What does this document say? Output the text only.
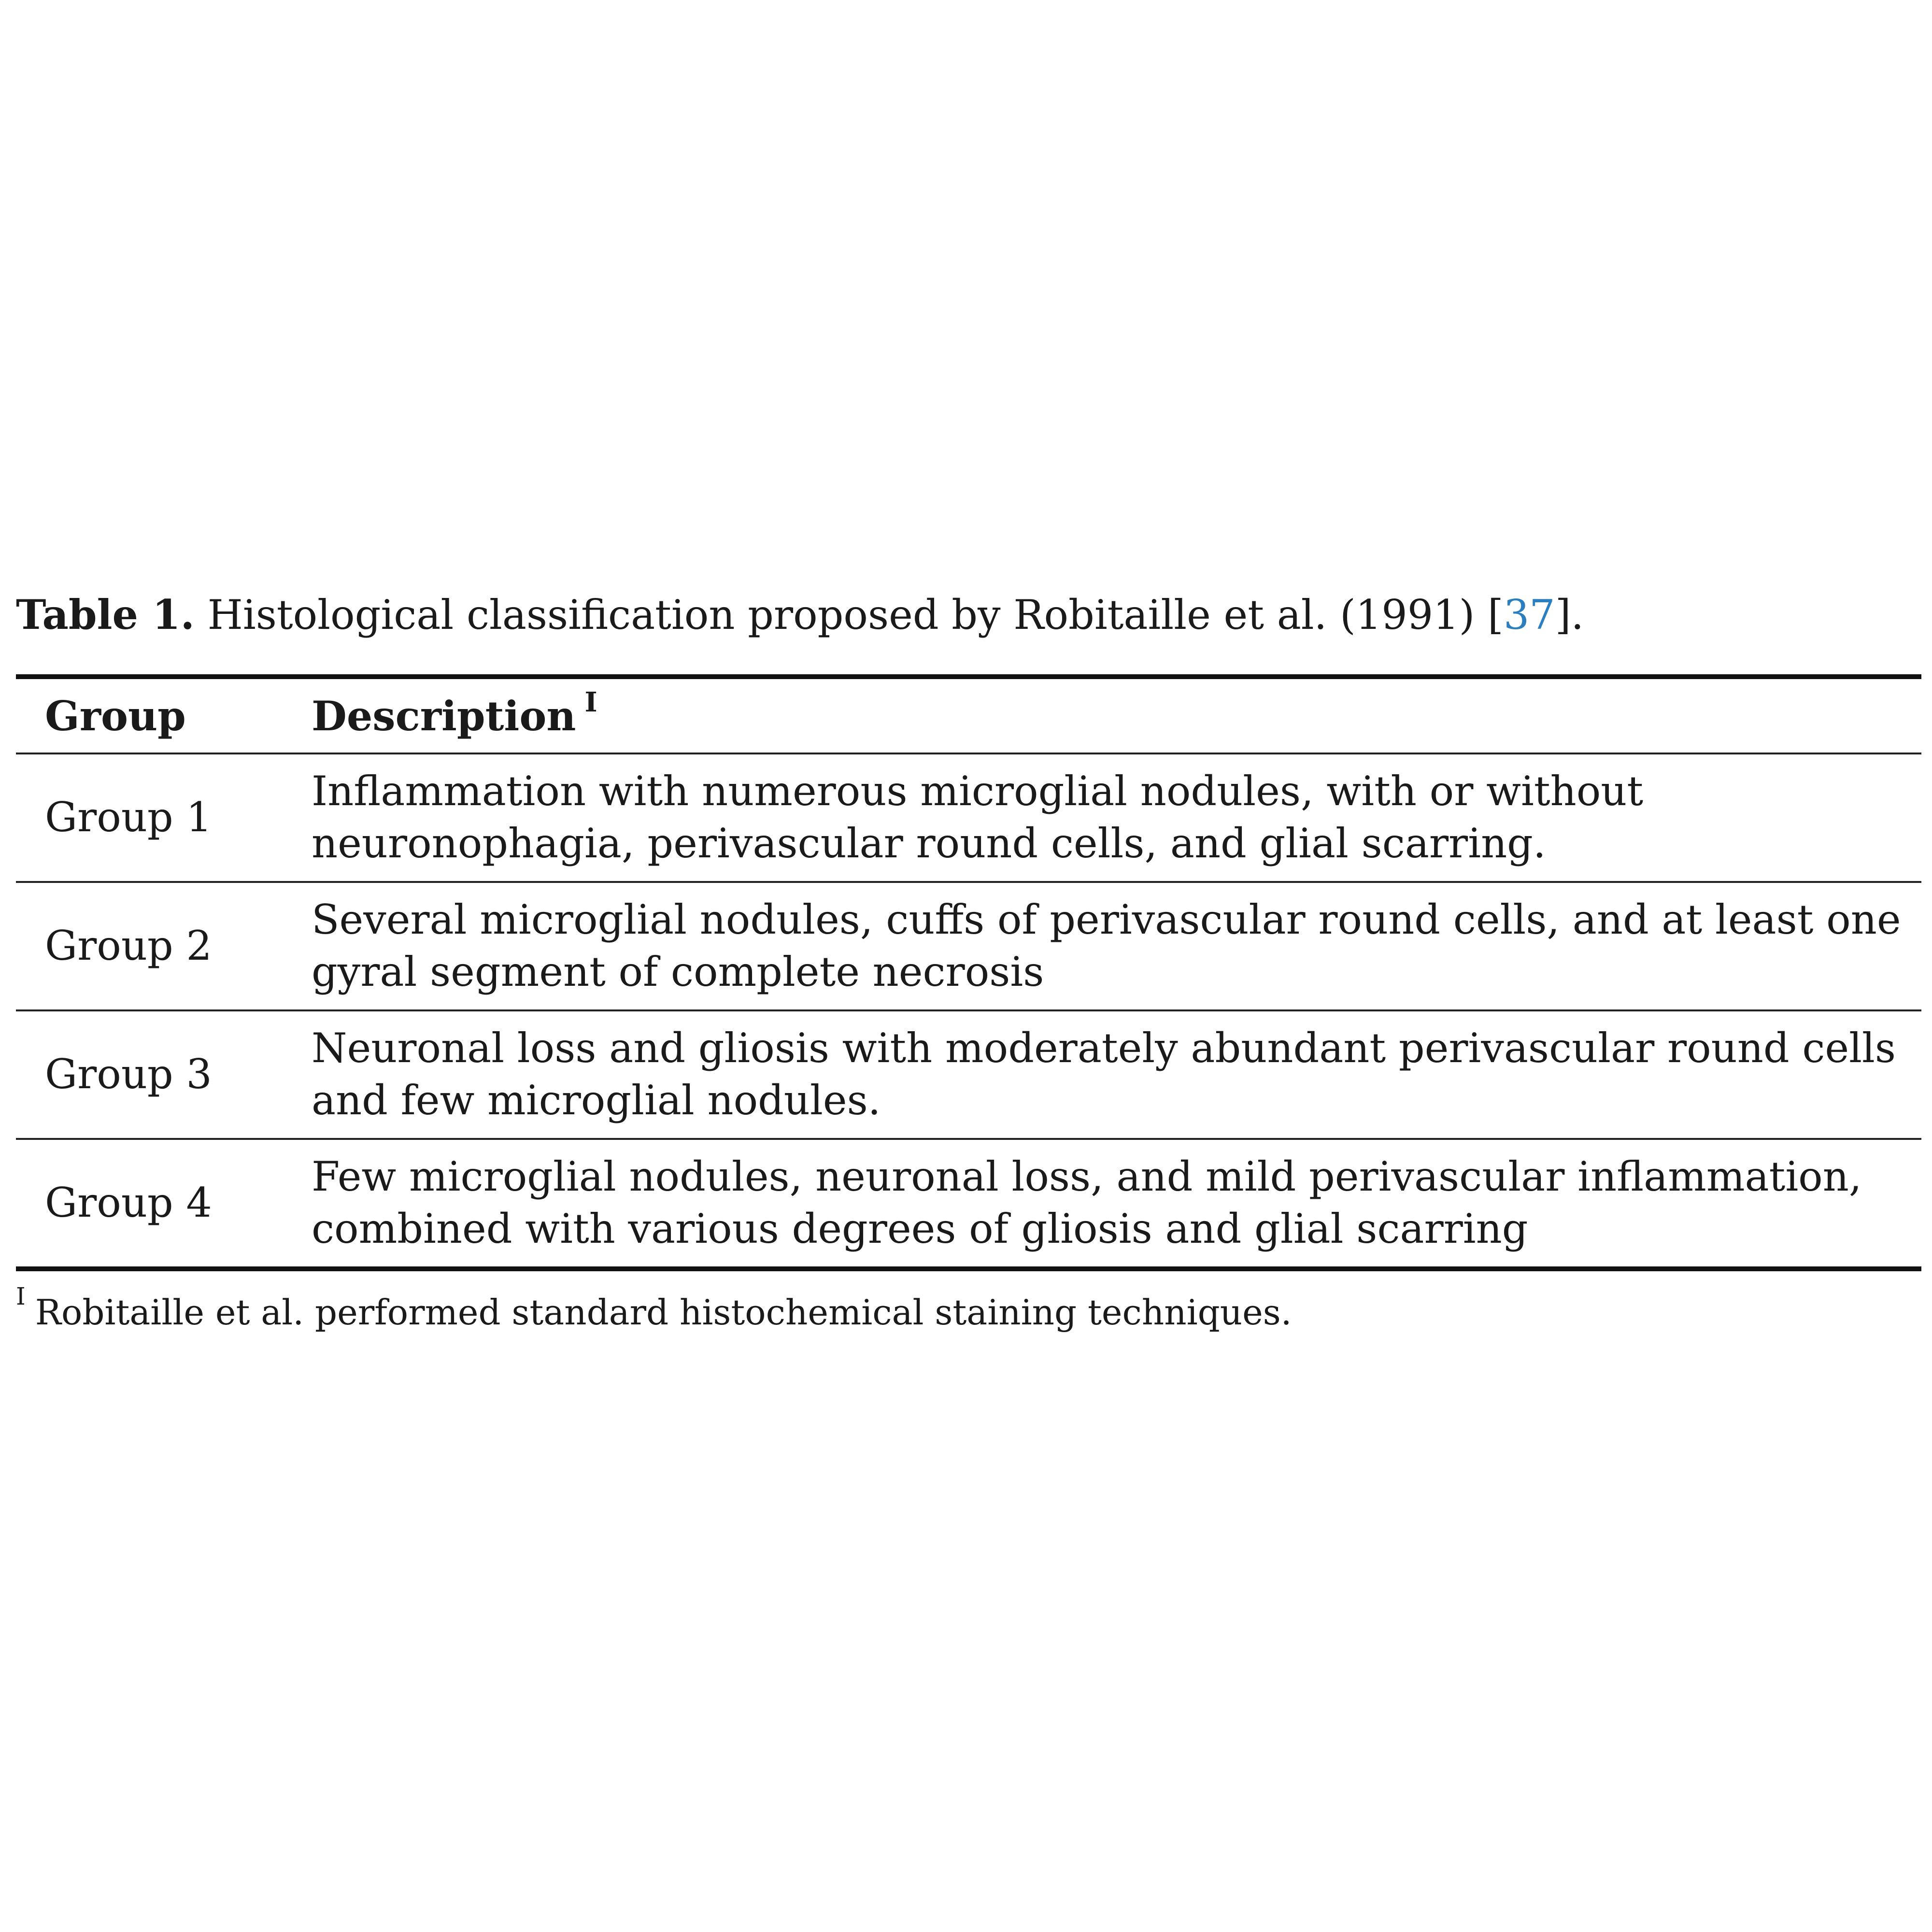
Table 1. Histological classification proposed by Robitaille et al. (1991) [37].
Group	Description $^I$
Group 1	Inflammation with numerous microglial nodules, with or without neuronophagia, perivascular round cells, and glial scarring.
Group 2	Several microglial nodules, cuffs of perivascular round cells, and at least one gyral segment of complete necrosis
Group 3	Neuronal loss and gliosis with moderately abundant perivascular round cells and few microglial nodules.
Group 4	Few microglial nodules, neuronal loss, and mild perivascular inflammation, combined with various degrees of gliosis and glial scarring
$^I$ Robitaille et al. performed standard histochemical staining techniques.
